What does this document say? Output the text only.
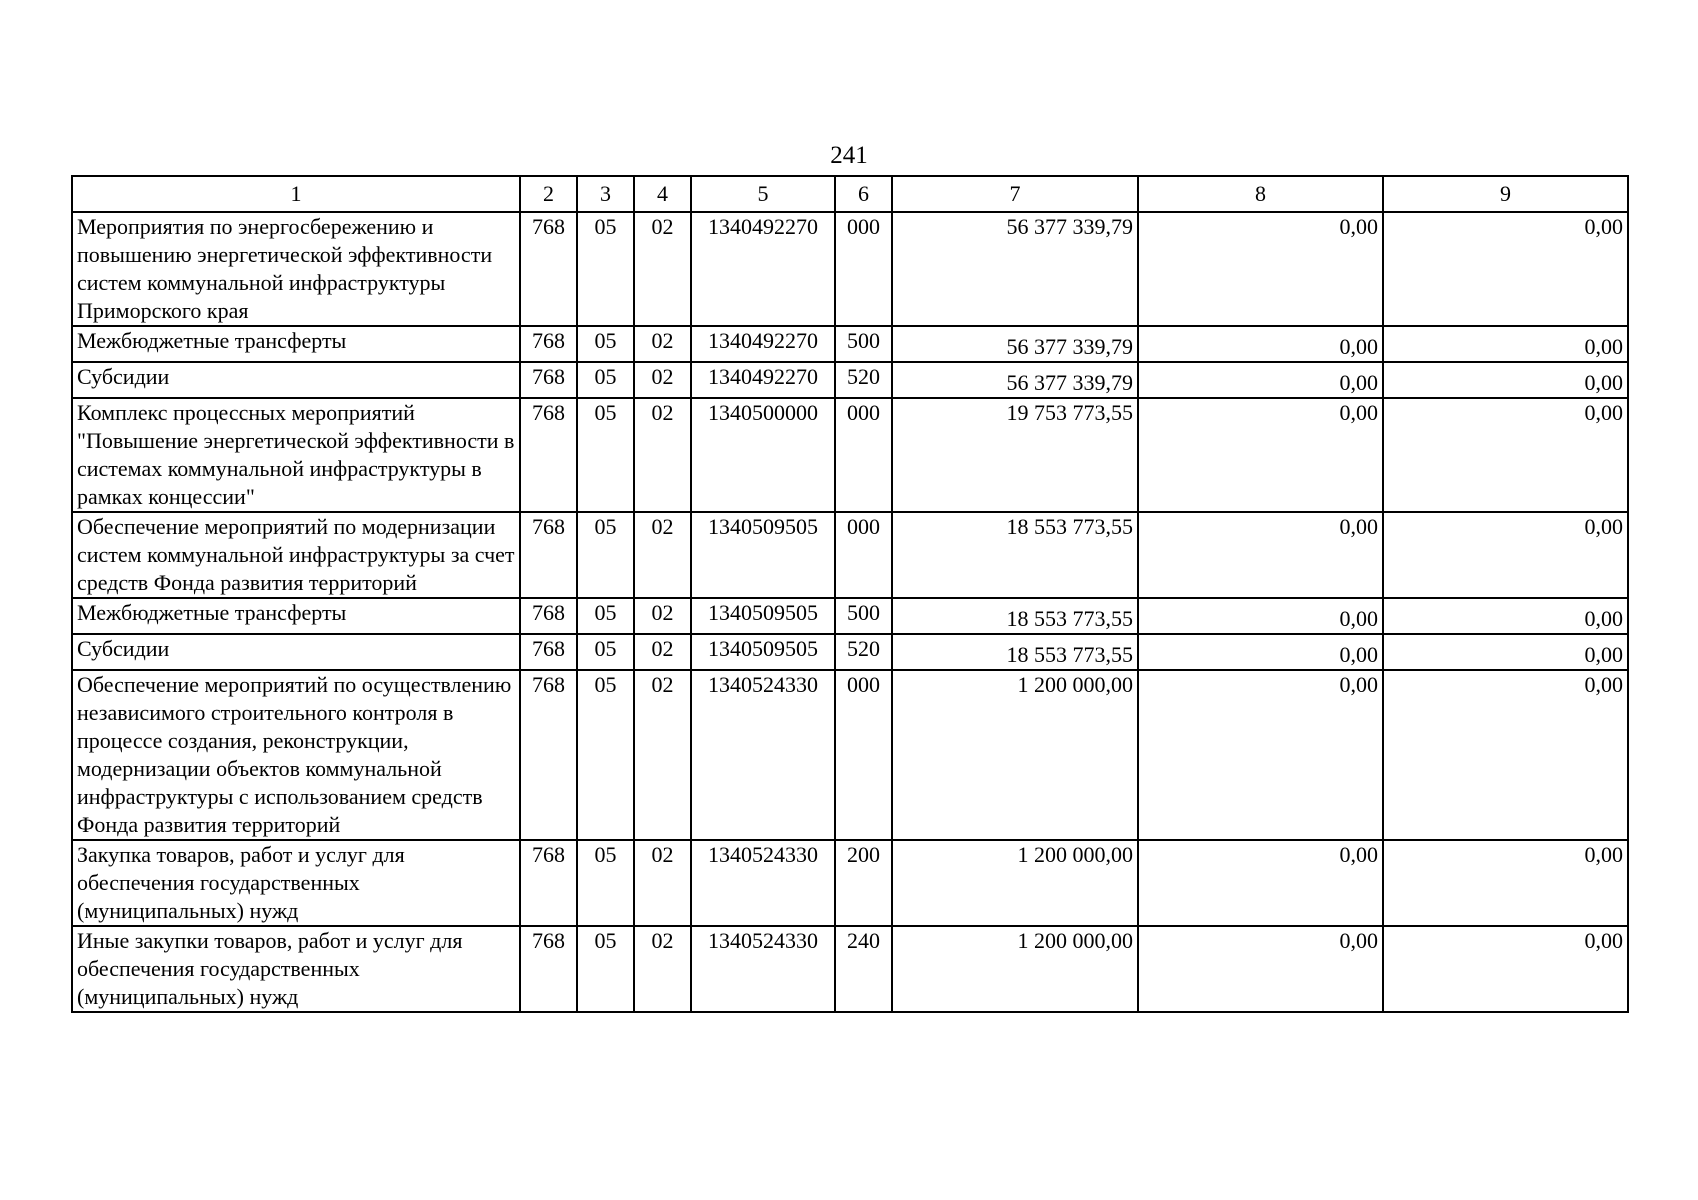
241
1	2	3	4	5	6	7	8	9
Мероприятия по энергосбережению и повышению энергетической эффективности систем коммунальной инфраструктуры Приморского края	768	05	02	1340492270	000	56 377 339,79	0,00	0,00
Межбюджетные трансферты	768	05	02	1340492270	500	56 377 339,79	0,00	0,00
Субсидии	768	05	02	1340492270	520	56 377 339,79	0,00	0,00
Комплекс процессных мероприятий "Повышение энергетической эффективности в системах коммунальной инфраструктуры в рамках концессии"	768	05	02	1340500000	000	19 753 773,55	0,00	0,00
Обеспечение мероприятий по модернизации систем коммунальной инфраструктуры за счет средств Фонда развития территорий	768	05	02	1340509505	000	18 553 773,55	0,00	0,00
Межбюджетные трансферты	768	05	02	1340509505	500	18 553 773,55	0,00	0,00
Субсидии	768	05	02	1340509505	520	18 553 773,55	0,00	0,00
Обеспечение мероприятий по осуществлению независимого строительного контроля в процессе создания, реконструкции, модернизации объектов коммунальной инфраструктуры с использованием средств Фонда развития территорий	768	05	02	1340524330	000	1 200 000,00	0,00	0,00
Закупка товаров, работ и услуг для обеспечения государственных (муниципальных) нужд	768	05	02	1340524330	200	1 200 000,00	0,00	0,00
Иные закупки товаров, работ и услуг для обеспечения государственных (муниципальных) нужд	768	05	02	1340524330	240	1 200 000,00	0,00	0,00
